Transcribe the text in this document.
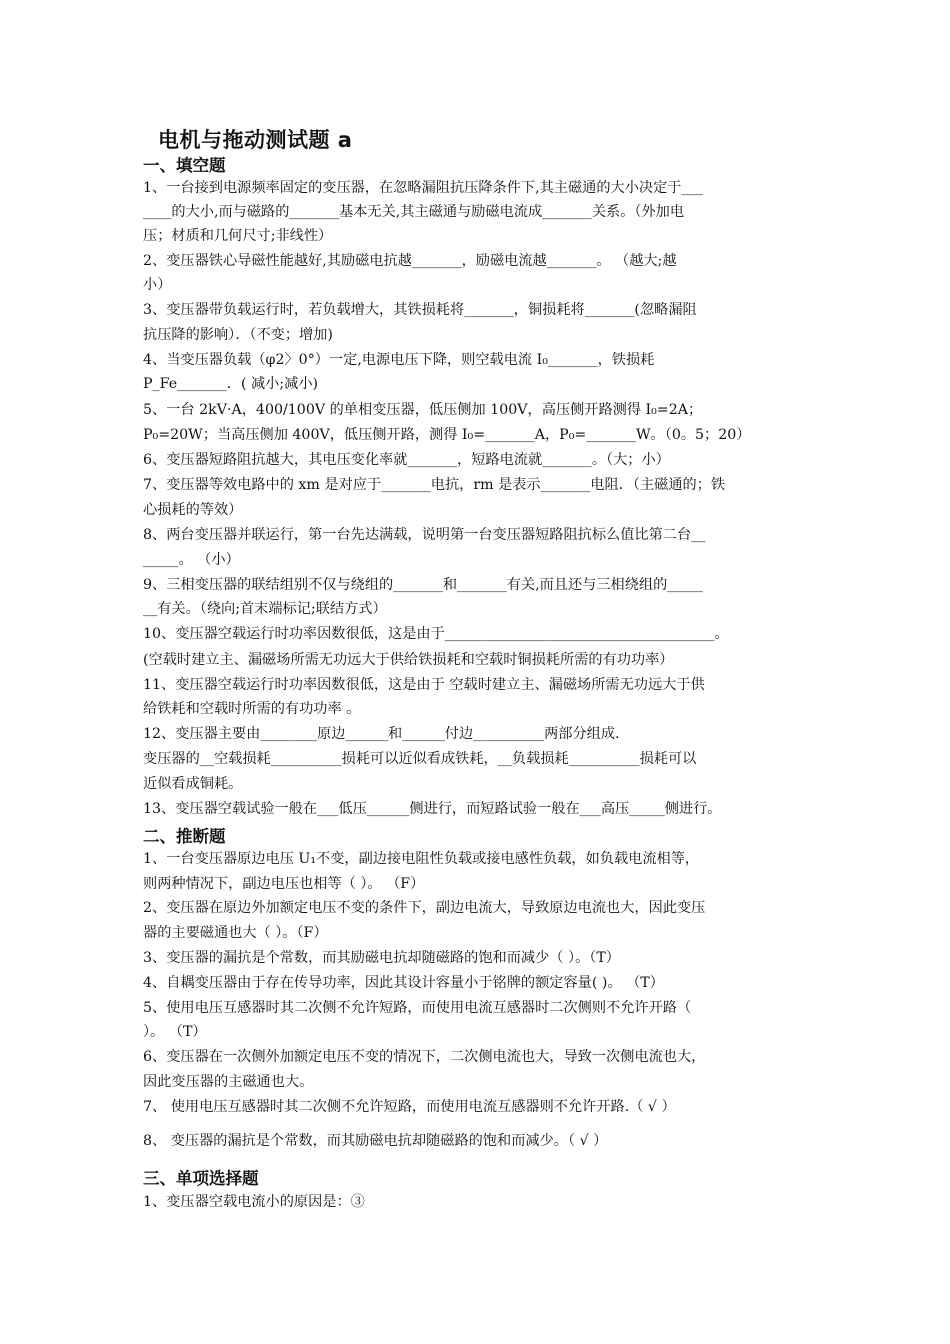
电机与拖动测试题 a
一、填空题
1、一台接到电源频率固定的变压器，在忽略漏阻抗压降条件下,其主磁通的大小决定于___
____的大小,而与磁路的_______基本无关,其主磁通与励磁电流成_______关系。（外加电
压；材质和几何尺寸;非线性）
2、变压器铁心导磁性能越好,其励磁电抗越_______，励磁电流越_______。 （越大;越
小）
3、变压器带负载运行时，若负载增大，其铁损耗将_______，铜损耗将_______(忽略漏阻
抗压降的影响）．（不变；增加)
4、当变压器负载（φ2〉0°）一定,电源电压下降，则空载电流 I₀_______，铁损耗
P_Fe_______．( 减小;减小)
5、一台 2kV·A，400/100V 的单相变压器，低压侧加 100V，高压侧开路测得 I₀=2A；
P₀=20W；当高压侧加 400V，低压侧开路，测得 I₀=_______A，P₀=_______W。（0。5；20）
6、变压器短路阻抗越大，其电压变化率就_______，短路电流就_______。（大；小）
7、变压器等效电路中的 xm 是对应于_______电抗，rm 是表示_______电阻．（主磁通的；铁
心损耗的等效）
8、两台变压器并联运行，第一台先达满载，说明第一台变压器短路阻抗标么值比第二台__
_____。 （小）
9、三相变压器的联结组别不仅与绕组的_______和_______有关,而且还与三相绕组的_____
__有关。（绕向;首末端标记;联结方式）
10、变压器空载运行时功率因数很低，这是由于______________________________________。
(空载时建立主、漏磁场所需无功远大于供给铁损耗和空载时铜损耗所需的有功功率）
11、变压器空载运行时功率因数很低，这是由于 空载时建立主、漏磁场所需无功远大于供
给铁耗和空载时所需的有功功率 。
12、变压器主要由________原边______和______付边__________两部分组成.
变压器的__空载损耗__________损耗可以近似看成铁耗，__负载损耗__________损耗可以
近似看成铜耗。
13、变压器空载试验一般在___低压______侧进行，而短路试验一般在___高压_____侧进行。
二、推断题
1、一台变压器原边电压 U₁不变，副边接电阻性负载或接电感性负载，如负载电流相等，
则两种情况下，副边电压也相等（ ）。 （F）
2、变压器在原边外加额定电压不变的条件下，副边电流大，导致原边电流也大，因此变压
器的主要磁通也大（ ）。（F）
3、变压器的漏抗是个常数，而其励磁电抗却随磁路的饱和而减少（ ）。（T）
4、自耦变压器由于存在传导功率，因此其设计容量小于铭牌的额定容量( )。 （T）
5、使用电压互感器时其二次侧不允许短路，而使用电流互感器时二次侧则不允许开路（
）。 （T）
6、变压器在一次侧外加额定电压不变的情况下，二次侧电流也大，导致一次侧电流也大，
因此变压器的主磁通也大。
7、 使用电压互感器时其二次侧不允许短路，而使用电流互感器则不允许开路.（ √ ）
8、 变压器的漏抗是个常数，而其励磁电抗却随磁路的饱和而减少。（ √ ）
三、单项选择题
1、变压器空载电流小的原因是：③
